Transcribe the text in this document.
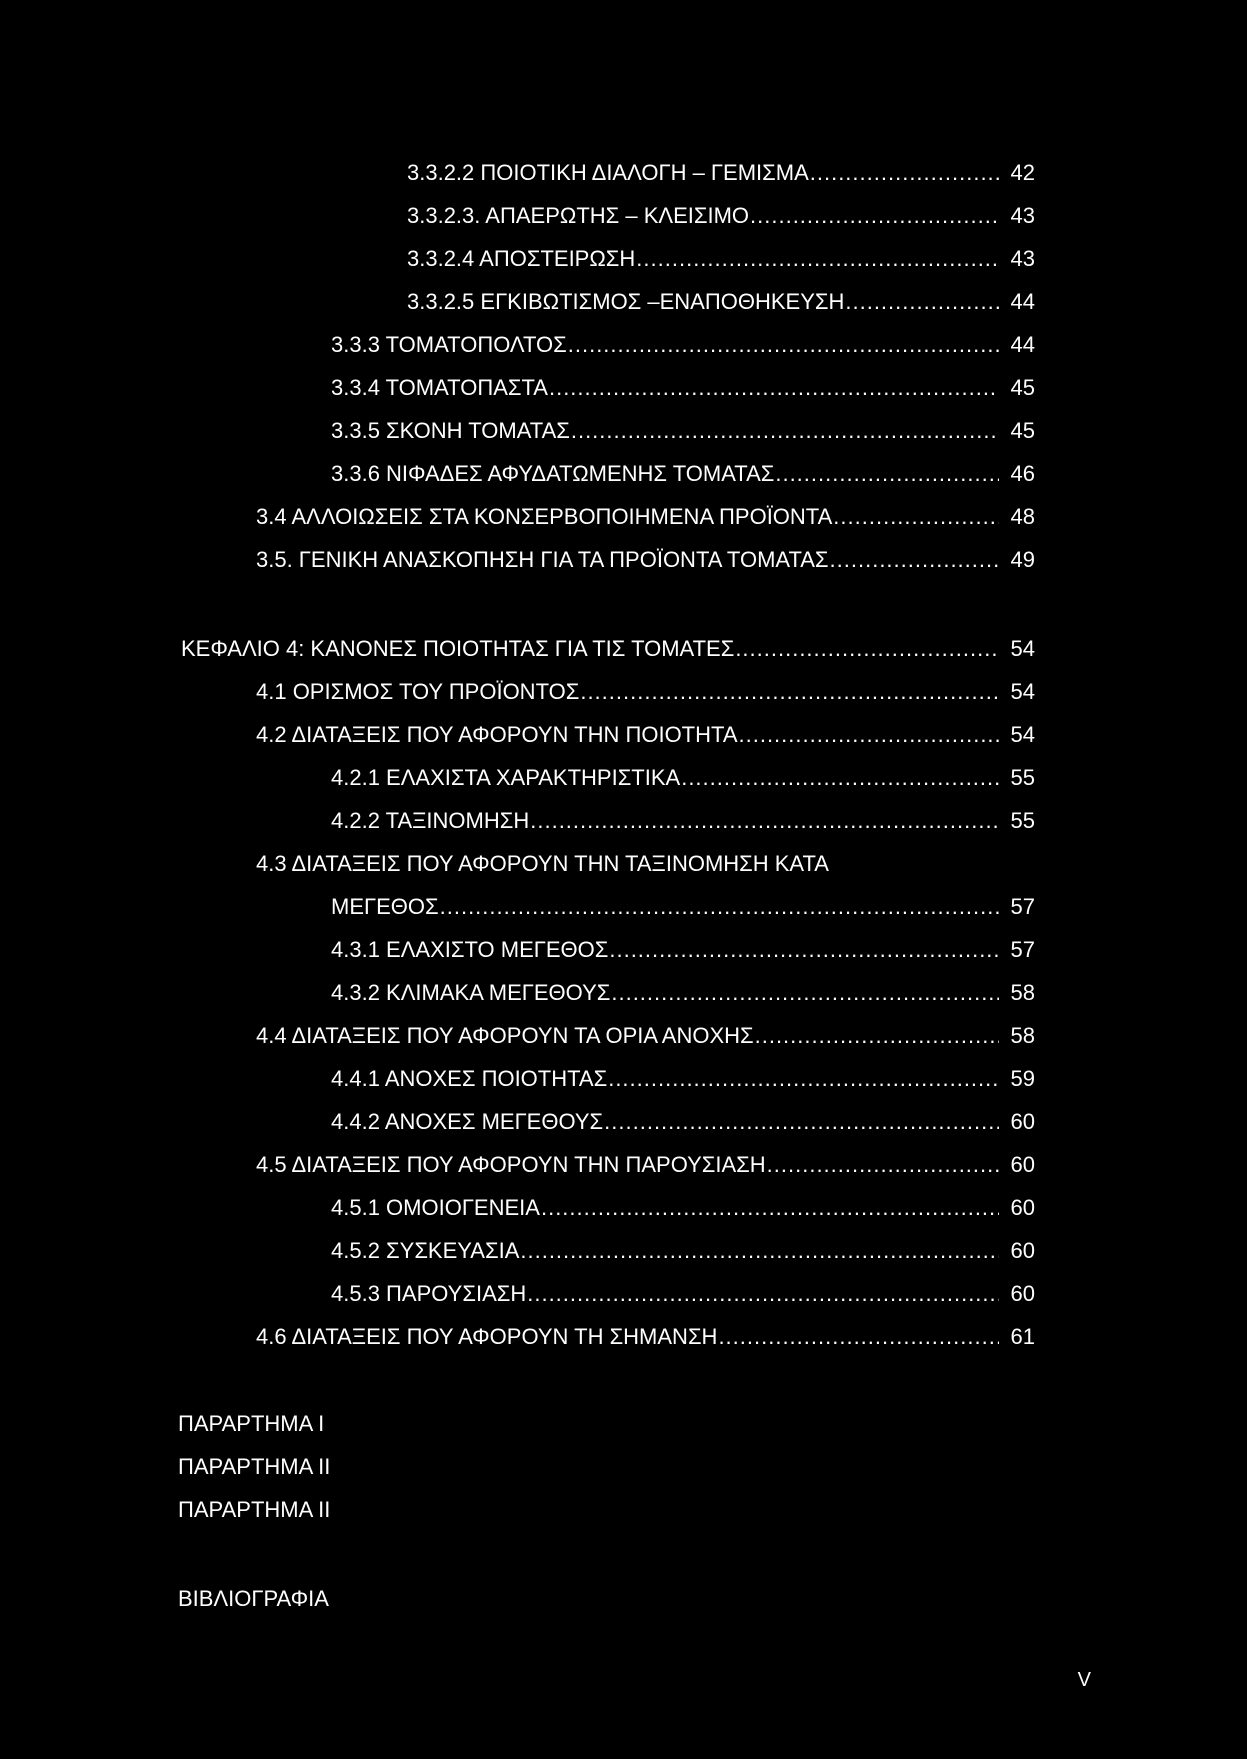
3.3.2.2 ΠΟΙΟΤΙΚΗ ΔΙΑΛΟΓΗ – ΓΕΜΙΣΜΑ .....	42
3.3.2.3. ΑΠΑΕΡΩΤΗΣ – ΚΛΕΙΣΙΜΟ .....	43
3.3.2.4 ΑΠΟΣΤΕΙΡΩΣΗ .....	43
3.3.2.5 ΕΓΚΙΒΩΤΙΣΜΟΣ –ΕΝΑΠΟΘΗΚΕΥΣΗ .....	44
3.3.3 ΤΟΜΑΤΟΠΟΛΤΟΣ .....	44
3.3.4 ΤΟΜΑΤΟΠΑΣΤΑ .....	45
3.3.5 ΣΚΟΝΗ ΤΟΜΑΤΑΣ .....	45
3.3.6 ΝΙΦΑΔΕΣ ΑΦΥΔΑΤΩΜΕΝΗΣ ΤΟΜΑΤΑΣ .....	46
3.4 ΑΛΛΟΙΩΣΕΙΣ ΣΤΑ ΚΟΝΣΕΡΒΟΠΟΙΗΜΕΝΑ ΠΡΟΪΟΝΤΑ .....	48
3.5. ΓΕΝΙΚΗ ΑΝΑΣΚΟΠΗΣΗ ΓΙΑ ΤΑ ΠΡΟΪΟΝΤΑ ΤΟΜΑΤΑΣ .....	49
ΚΕΦΑΛΙΟ 4: ΚΑΝΟΝΕΣ ΠΟΙΟΤΗΤΑΣ ΓΙΑ ΤΙΣ ΤΟΜΑΤΕΣ .....	54
4.1 ΟΡΙΣΜΟΣ ΤΟΥ ΠΡΟΪΟΝΤΟΣ .....	54
4.2 ΔΙΑΤΑΞΕΙΣ ΠΟΥ ΑΦΟΡΟΥΝ ΤΗΝ ΠΟΙΟΤΗΤΑ .....	54
4.2.1 ΕΛΑΧΙΣΤΑ ΧΑΡΑΚΤΗΡΙΣΤΙΚΑ .....	55
4.2.2 ΤΑΞΙΝΟΜΗΣΗ .....	55
4.3 ΔΙΑΤΑΞΕΙΣ ΠΟΥ ΑΦΟΡΟΥΝ ΤΗΝ ΤΑΞΙΝΟΜΗΣΗ ΚΑΤΑ
ΜΕΓΕΘΟΣ .....	57
4.3.1 ΕΛΑΧΙΣΤΟ ΜΕΓΕΘΟΣ .....	57
4.3.2 ΚΛΙΜΑΚΑ ΜΕΓΕΘΟΥΣ .....	58
4.4 ΔΙΑΤΑΞΕΙΣ ΠΟΥ ΑΦΟΡΟΥΝ ΤΑ ΟΡΙΑ ΑΝΟΧΗΣ .....	58
4.4.1 ΑΝΟΧΕΣ ΠΟΙΟΤΗΤΑΣ .....	59
4.4.2 ΑΝΟΧΕΣ ΜΕΓΕΘΟΥΣ .....	60
4.5 ΔΙΑΤΑΞΕΙΣ ΠΟΥ ΑΦΟΡΟΥΝ ΤΗΝ ΠΑΡΟΥΣΙΑΣΗ .....	60
4.5.1 ΟΜΟΙΟΓΕΝΕΙΑ .....	60
4.5.2 ΣΥΣΚΕΥΑΣΙΑ .....	60
4.5.3 ΠΑΡΟΥΣΙΑΣΗ .....	60
4.6 ΔΙΑΤΑΞΕΙΣ ΠΟΥ ΑΦΟΡΟΥΝ ΤΗ ΣΗΜΑΝΣΗ .....	61
ΠΑΡΑΡΤΗΜΑ I
ΠΑΡΑΡΤΗΜΑ II
ΠΑΡΑΡΤΗΜΑ II
ΒΙΒΛΙΟΓΡΑΦΙΑ
V
